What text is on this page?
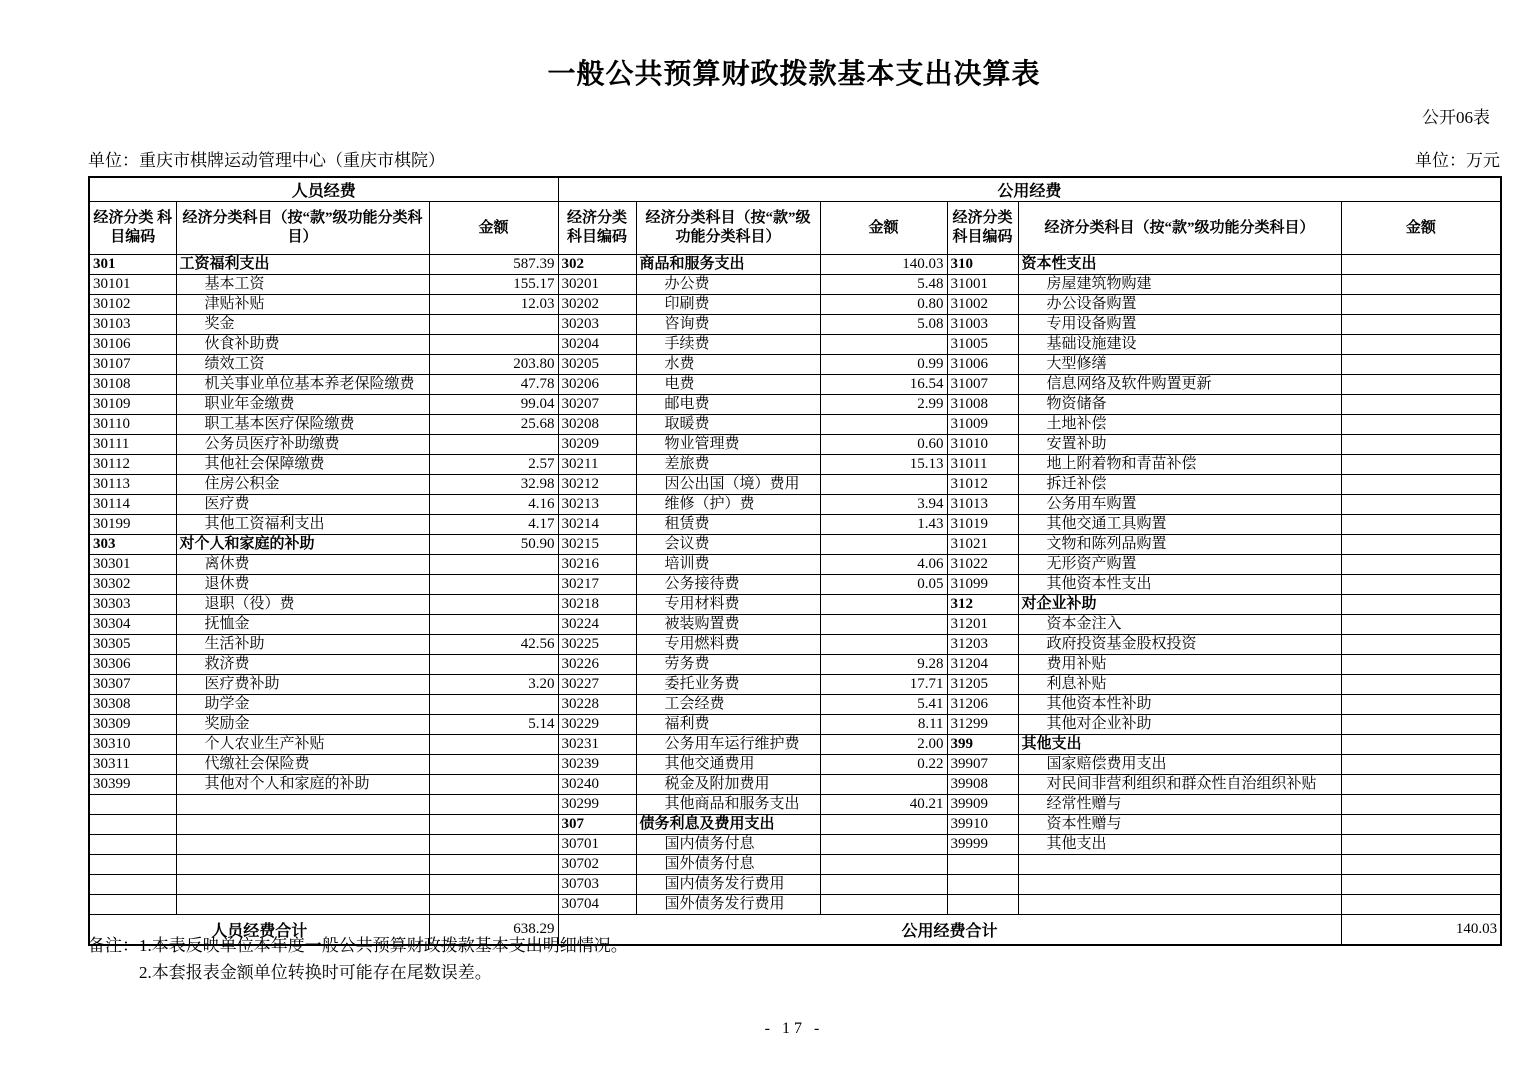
一般公共预算财政拨款基本支出决算表
公开06表
单位：重庆市棋牌运动管理中心（重庆市棋院）	单位：万元
人员经费			公用经费					
经济分类 科目编码	经济分类科目（按“款”级功能分类科目）	金额	经济分类 科目编码	经济分类科目（按“款”级功能分类科目）	金额	经济分类 科目编码	经济分类科目（按“款”级功能分类科目）	金额
301	工资福利支出	587.39	302	商品和服务支出	140.03	310	资本性支出	
30101	基本工资	155.17	30201	办公费	5.48	31001	房屋建筑物购建	
30102	津贴补贴	12.03	30202	印刷费	0.80	31002	办公设备购置	
30103	奖金		30203	咨询费	5.08	31003	专用设备购置	
30106	伙食补助费		30204	手续费		31005	基础设施建设	
30107	绩效工资	203.80	30205	水费	0.99	31006	大型修缮	
30108	机关事业单位基本养老保险缴费	47.78	30206	电费	16.54	31007	信息网络及软件购置更新	
30109	职业年金缴费	99.04	30207	邮电费	2.99	31008	物资储备	
30110	职工基本医疗保险缴费	25.68	30208	取暖费		31009	土地补偿	
30111	公务员医疗补助缴费		30209	物业管理费	0.60	31010	安置补助	
30112	其他社会保障缴费	2.57	30211	差旅费	15.13	31011	地上附着物和青苗补偿	
30113	住房公积金	32.98	30212	因公出国（境）费用		31012	拆迁补偿	
30114	医疗费	4.16	30213	维修（护）费	3.94	31013	公务用车购置	
30199	其他工资福利支出	4.17	30214	租赁费	1.43	31019	其他交通工具购置	
303	对个人和家庭的补助	50.90	30215	会议费		31021	文物和陈列品购置	
30301	离休费		30216	培训费	4.06	31022	无形资产购置	
30302	退休费		30217	公务接待费	0.05	31099	其他资本性支出	
30303	退职（役）费		30218	专用材料费		312	对企业补助	
30304	抚恤金		30224	被装购置费		31201	资本金注入	
30305	生活补助	42.56	30225	专用燃料费		31203	政府投资基金股权投资	
30306	救济费		30226	劳务费	9.28	31204	费用补贴	
30307	医疗费补助	3.20	30227	委托业务费	17.71	31205	利息补贴	
30308	助学金		30228	工会经费	5.41	31206	其他资本性补助	
30309	奖励金	5.14	30229	福利费	8.11	31299	其他对企业补助	
30310	个人农业生产补贴		30231	公务用车运行维护费	2.00	399	其他支出	
30311	代缴社会保险费		30239	其他交通费用	0.22	39907	国家赔偿费用支出	
30399	其他对个人和家庭的补助		30240	税金及附加费用		39908	对民间非营利组织和群众性自治组织补贴	
			30299	其他商品和服务支出	40.21	39909	经常性赠与	
			307	债务利息及费用支出		39910	资本性赠与	
			30701	国内债务付息		39999	其他支出	
			30702	国外债务付息				
			30703	国内债务发行费用				
			30704	国外债务发行费用				
人员经费合计		638.29	公用经费合计					140.03
备注：1.本表反映单位本年度一般公共预算财政拨款基本支出明细情况。
2.本套报表金额单位转换时可能存在尾数误差。
- 17 -
